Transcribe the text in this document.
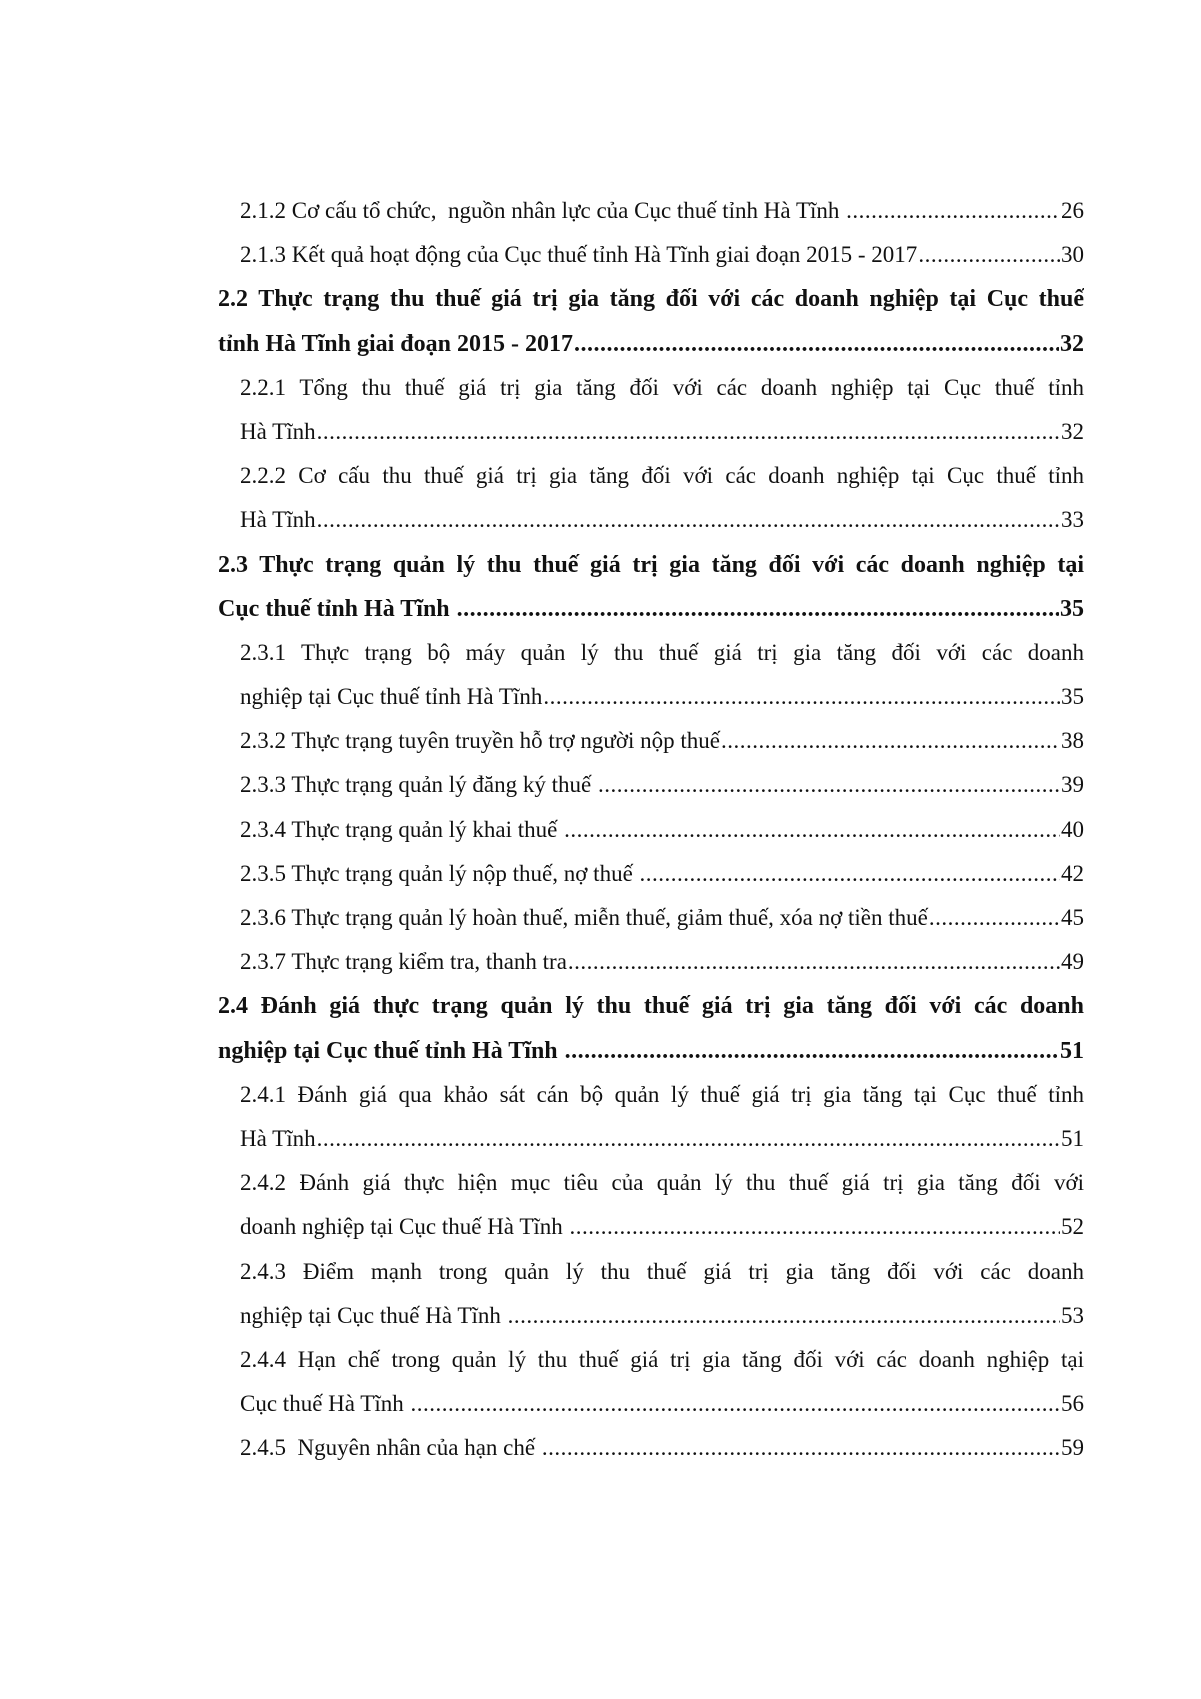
2.1.2 Cơ cấu tổ chức,  nguồn nhân lực của Cục thuế tỉnh Hà Tĩnh .....	26
2.1.3 Kết quả hoạt động của Cục thuế tỉnh Hà Tĩnh giai đoạn 2015 - 2017 .....	30
2.2 Thực trạng thu thuế giá trị gia tăng đối với các doanh nghiệp tại Cục thuế
tỉnh Hà Tĩnh giai đoạn 2015 - 2017 .....	32
2.2.1 Tổng thu thuế giá trị gia tăng đối với các doanh nghiệp tại Cục thuế tỉnh
Hà Tĩnh .....	32
2.2.2 Cơ cấu thu thuế giá trị gia tăng đối với các doanh nghiệp tại Cục thuế tỉnh
Hà Tĩnh .....	33
2.3 Thực trạng quản lý thu thuế giá trị gia tăng đối với các doanh nghiệp tại
Cục thuế tỉnh Hà Tĩnh .....	35
2.3.1 Thực trạng bộ máy quản lý thu thuế giá trị gia tăng đối với các doanh
nghiệp tại Cục thuế tỉnh Hà Tĩnh .....	35
2.3.2 Thực trạng tuyên truyền hỗ trợ người nộp thuế .....	38
2.3.3 Thực trạng quản lý đăng ký thuế .....	39
2.3.4 Thực trạng quản lý khai thuế .....	40
2.3.5 Thực trạng quản lý nộp thuế, nợ thuế .....	42
2.3.6 Thực trạng quản lý hoàn thuế, miễn thuế, giảm thuế, xóa nợ tiền thuế .....	45
2.3.7 Thực trạng kiểm tra, thanh tra .....	49
2.4 Đánh giá thực trạng quản lý thu thuế giá trị gia tăng đối với các doanh
nghiệp tại Cục thuế tỉnh Hà Tĩnh .....	51
2.4.1 Đánh giá qua khảo sát cán bộ quản lý thuế giá trị gia tăng tại Cục thuế tỉnh
Hà Tĩnh .....	51
2.4.2 Đánh giá thực hiện mục tiêu của quản lý thu thuế giá trị gia tăng đối với
doanh nghiệp tại Cục thuế Hà Tĩnh .....	52
2.4.3 Điểm mạnh trong quản lý thu thuế giá trị gia tăng đối với các doanh
nghiệp tại Cục thuế Hà Tĩnh .....	53
2.4.4 Hạn chế trong quản lý thu thuế giá trị gia tăng đối với các doanh nghiệp tại
Cục thuế Hà Tĩnh .....	56
2.4.5  Nguyên nhân của hạn chế .....	59
